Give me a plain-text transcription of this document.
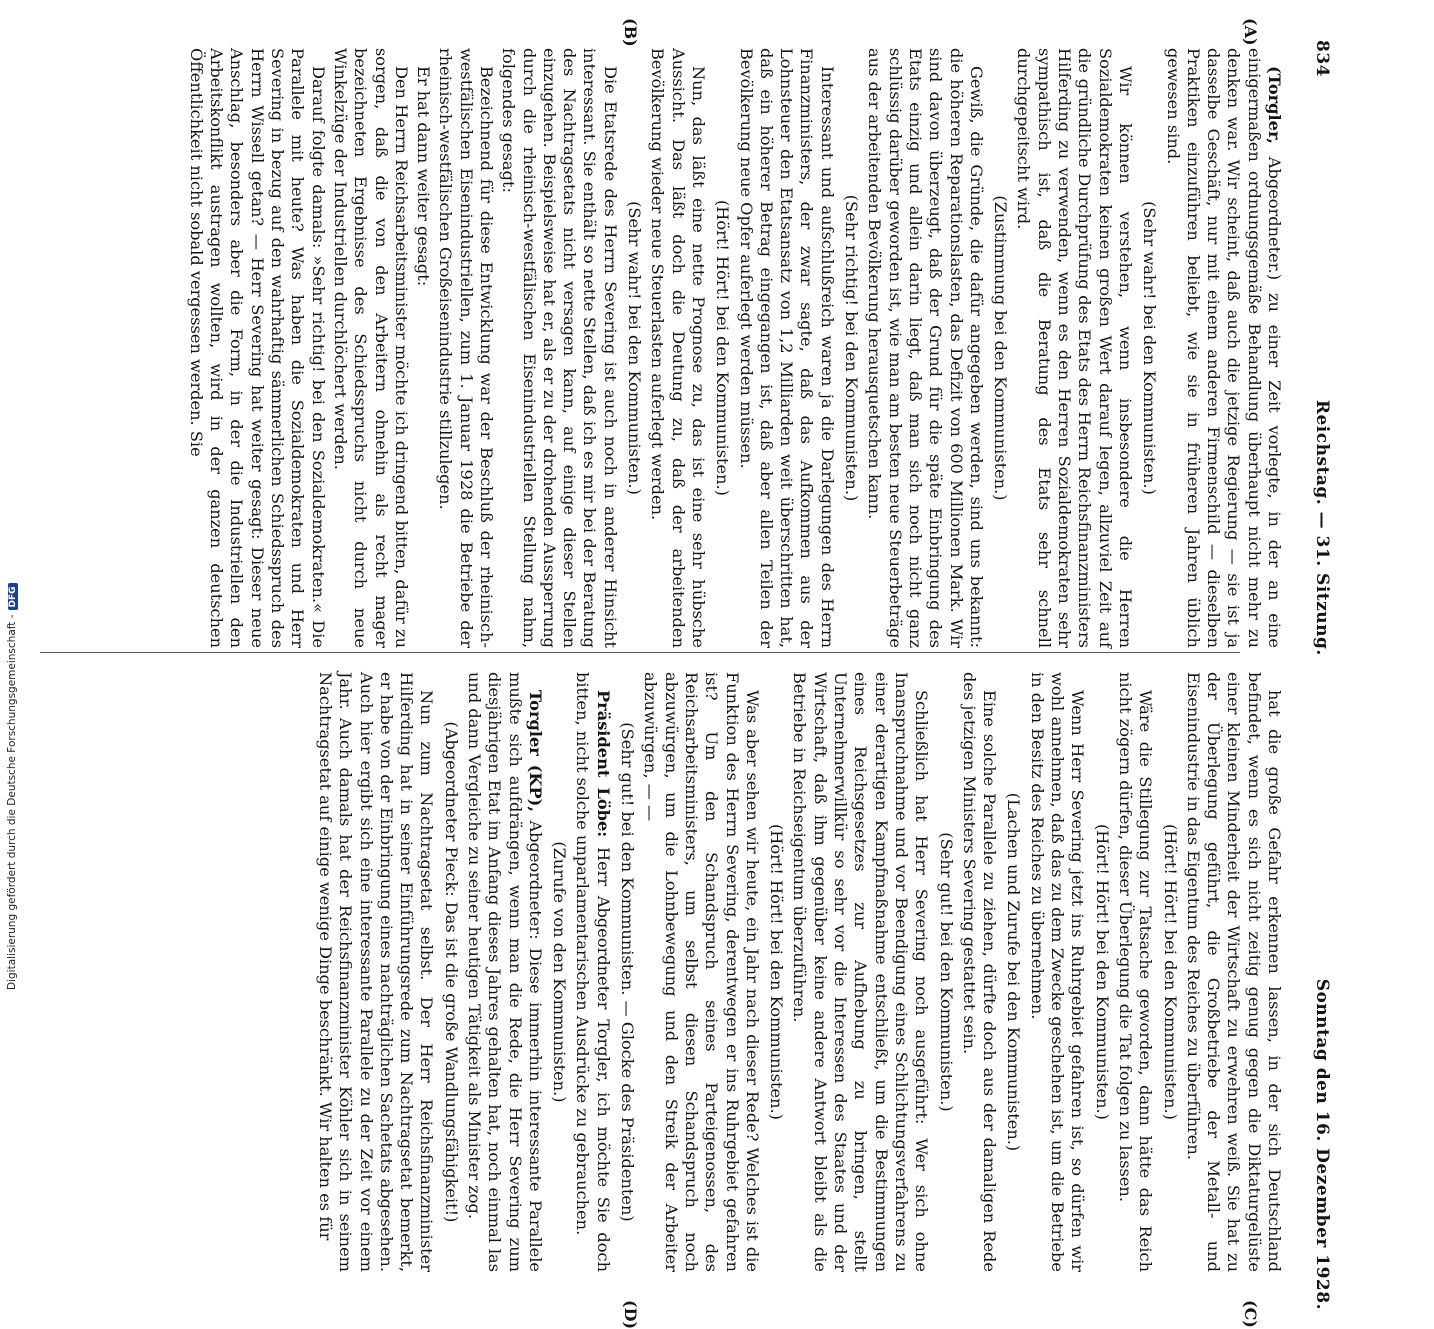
834
Reichstag. — 31. Sitzung.
Sonntag den 16. Dezember 1928.
(A)
(B)
(C)
(D)

(Torgler, Abgeordneter.) zu einer Zeit vorlegte, in der an eine einigermaßen ordnungsgemäße Behandlung überhaupt nicht mehr zu denken war. Wir scheint, daß auch die jetzige Regierung — sie ist ja dasselbe Geschäft, nur mit einem anderen Firmenschild — dieselben Praktiken einzuführen beliebt, wie sie in früheren Jahren üblich gewesen sind.

(Sehr wahr! bei den Kommunisten.)

Wir können verstehen, wenn insbesondere die Herren Sozialdemokraten keinen großen Wert darauf legen, allzuviel Zeit auf die gründliche Durchprüfung des Etats des Herrn Reichsfinanzministers Hilferding zu verwenden, wenn es den Herren Sozialdemokraten sehr sympathisch ist, daß die Beratung des Etats sehr schnell durchgepeitscht wird.

(Zustimmung bei den Kommunisten.)

Gewiß, die Gründe, die dafür angegeben werden, sind uns bekannt: die höheren Reparationslasten, das Defizit von 600 Millionen Mark. Wir sind davon überzeugt, daß der Grund für die späte Einbringung des Etats einzig und allein darin liegt, daß man sich noch nicht ganz schlüssig darüber geworden ist, wie man am besten neue Steuerbeträge aus der arbeitenden Bevölkerung herausquetschen kann.

(Sehr richtig! bei den Kommunisten.)

Interessant und aufschlußreich waren ja die Darlegungen des Herrn Finanzministers, der zwar sagte, daß das Aufkommen aus der Lohnsteuer den Etatsansatz von 1,2 Milliarden weit überschritten hat, daß ein höherer Betrag eingegangen ist, daß aber allen Teilen der Bevölkerung neue Opfer auferlegt werden müssen.

(Hört! Hört! bei den Kommunisten.)

Nun, das läßt eine nette Prognose zu, das ist eine sehr hübsche Aussicht. Das läßt doch die Deutung zu, daß der arbeitenden Bevölkerung wieder neue Steuerlasten auferlegt werden.

(Sehr wahr! bei den Kommunisten.)

Die Etatsrede des Herrn Severing ist auch noch in anderer Hinsicht interessant. Sie enthält so nette Stellen, daß ich es mir bei der Beratung des Nachtragsetats nicht versagen kann, auf einige dieser Stellen einzugehen. Beispielsweise hat er, als er zu der drohenden Aussperrung durch die rheinisch-westfälischen Eisenindustriellen Stellung nahm, folgendes gesagt:

Bezeichnend für diese Entwicklung war der Beschluß der rheinisch-westfälischen Eisenindustriellen, zum 1. Januar 1928 die Betriebe der rheinisch-westfälischen Großeisenindustrie stillzulegen.

Er hat dann weiter gesagt:

Den Herrn Reichsarbeitsminister möchte ich dringend bitten, dafür zu sorgen, daß die von den Arbeitern ohnehin als recht mager bezeichneten Ergebnisse des Schiedsspruchs nicht durch neue Winkelzüge der Industriellen durchlöchert werden.

Darauf folgte damals: »Sehr richtig! bei den Sozialdemokraten.« Die Parallele mit heute? Was haben die Sozialdemokraten und Herr Severing in bezug auf den wahrhaftig sämmerlichen Schiedsspruch des Herrn Wissell getan? — Herr Severing hat weiter gesagt: Dieser neue Anschlag, besonders aber die Form, in der die Industriellen den Arbeitskonflikt austragen wollten, wird in der ganzen deutschen Öffentlichkeit nicht sobald vergessen werden. Sie

hat die große Gefahr erkennen lassen, in der sich Deutschland befindet, wenn es sich nicht zeitig genug gegen die Diktaturgelüste einer kleinen Minderheit der Wirtschaft zu erwehren weiß. Sie hat zu der Überlegung geführt, die Großbetriebe der Metall- und Eisenindustrie in das Eigentum des Reiches zu überführen.

(Hört! Hört! bei den Kommunisten.)

Wäre die Stillegung zur Tatsache geworden, dann hätte das Reich nicht zögern dürfen, dieser Überlegung die Tat folgen zu lassen.

(Hört! Hört! bei den Kommunisten.)

Wenn Herr Severing jetzt ins Ruhrgebiet gefahren ist, so dürfen wir wohl annehmen, daß das zu dem Zwecke geschehen ist, um die Betriebe in den Besitz des Reiches zu übernehmen.

(Lachen und Zurufe bei den Kommunisten.)

Eine solche Parallele zu ziehen, dürfte doch aus der damaligen Rede des jetzigen Ministers Severing gestattet sein.

(Sehr gut! bei den Kommunisten.)

Schließlich hat Herr Severing noch ausgeführt: Wer sich ohne Inanspruchnahme und vor Beendigung eines Schlichtungsverfahrens zu einer derartigen Kampfmaßnahme entschließt, um die Bestimmungen eines Reichsgesetzes zur Aufhebung zu bringen, stellt Unternehmerwillkür so sehr vor die Interessen des Staates und der Wirtschaft, daß ihm gegenüber keine andere Antwort bleibt als die Betriebe in Reichseigentum überzuführen.

(Hört! Hört! bei den Kommunisten.)

Was aber sehen wir heute, ein Jahr nach dieser Rede? Welches ist die Funktion des Herrn Severing, derentwegen er ins Ruhrgebiet gefahren ist? Um den Schandspruch seines Parteigenossen, des Reichsarbeitsministers, um selbst diesen Schandspruch noch abzuwürgen, um die Lohnbewegung und den Streik der Arbeiter abzuwürgen, — —

(Sehr gut! bei den Kommunisten. — Glocke des Präsidenten)

Präsident Löbe: Herr Abgeordneter Torgler, ich möchte Sie doch bitten, nicht solche unparlamentarischen Ausdrücke zu gebrauchen.

(Zurufe von den Kommunisten.)

Torgler (KP), Abgeordneter: Diese immerhin interessante Parallele mußte sich aufdrängen, wenn man die Rede, die Herr Severing zum diesjährigen Etat im Anfang dieses Jahres gehalten hat, noch einmal las und dann Vergleiche zu seiner heutigen Tätigkeit als Minister zog.

(Abgeordneter Pieck: Das ist die große Wandlungsfähigkeit!)

Nun zum Nachtragsetat selbst. Der Herr Reichsfinanzminister Hilferding hat in seiner Einführungsrede zum Nachtragsetat bemerkt, er habe von der Einbringung eines nachträglichen Sachetats abgesehen. Auch hier ergibt sich eine interessante Parallele zu der Zeit vor einem Jahr. Auch damals hat der Reichsfinanzminister Köhler sich in seinem Nachtragsetat auf einige wenige Dinge beschränkt. Wir halten es für

Digitalisierung gefördert durch die Deutsche Forschungsgemeinschaft -DFG
